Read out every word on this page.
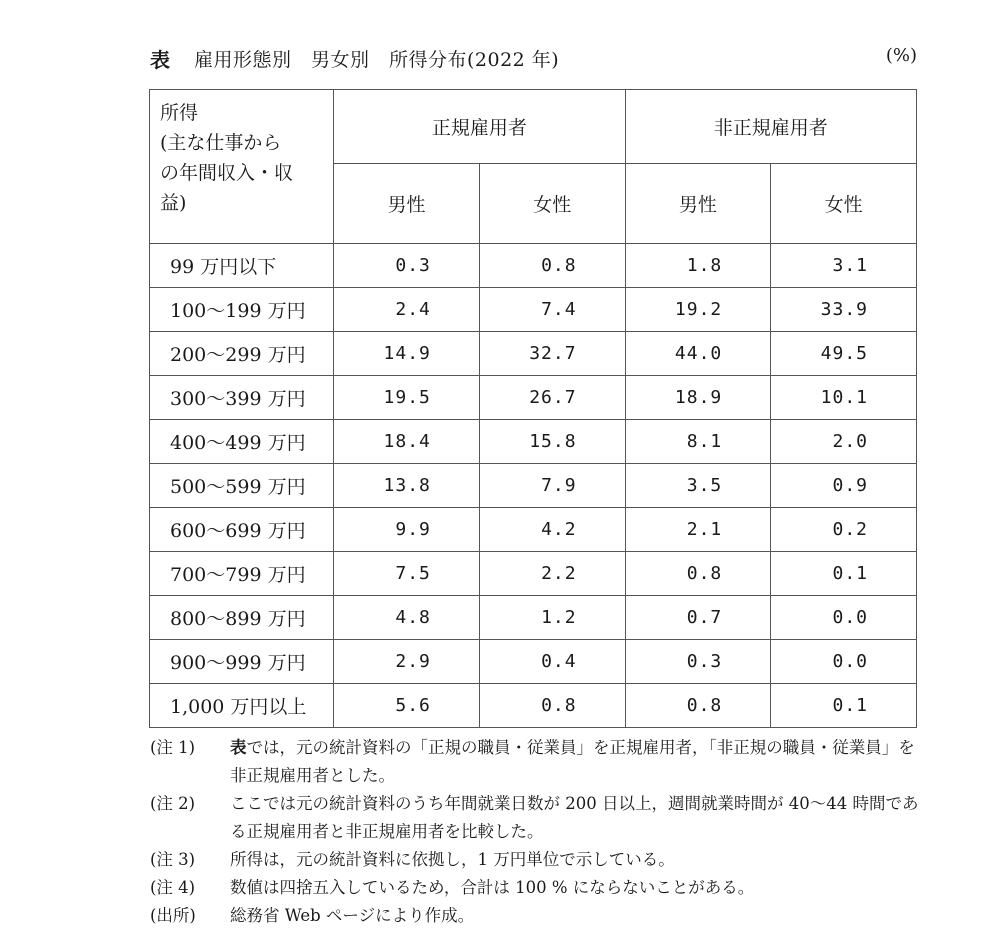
表 雇用形態別　男女別　所得分布(2022 年)	(%)
所得
(主な仕事から
の年間収入・収
益)	正規雇用者		非正規雇用者	
	男性	女性	男性	女性
99 万円以下	0.3	0.8	1.8	3.1
100〜199 万円	2.4	7.4	19.2	33.9
200〜299 万円	14.9	32.7	44.0	49.5
300〜399 万円	19.5	26.7	18.9	10.1
400〜499 万円	18.4	15.8	8.1	2.0
500〜599 万円	13.8	7.9	3.5	0.9
600〜699 万円	9.9	4.2	2.1	0.2
700〜799 万円	7.5	2.2	0.8	0.1
800〜899 万円	4.8	1.2	0.7	0.0
900〜999 万円	2.9	0.4	0.3	0.0
1,000 万円以上	5.6	0.8	0.8	0.1
(注 1)	表では，元の統計資料の「正規の職員・従業員」を正規雇用者，「非正規の職員・従業員」を非正規雇用者とした。
(注 2)	ここでは元の統計資料のうち年間就業日数が 200 日以上，週間就業時間が 40〜44 時間である正規雇用者と非正規雇用者を比較した。
(注 3)	所得は，元の統計資料に依拠し，1 万円単位で示している。
(注 4)	数値は四捨五入しているため，合計は 100 % にならないことがある。
(出所)	総務省 Web ページにより作成。
